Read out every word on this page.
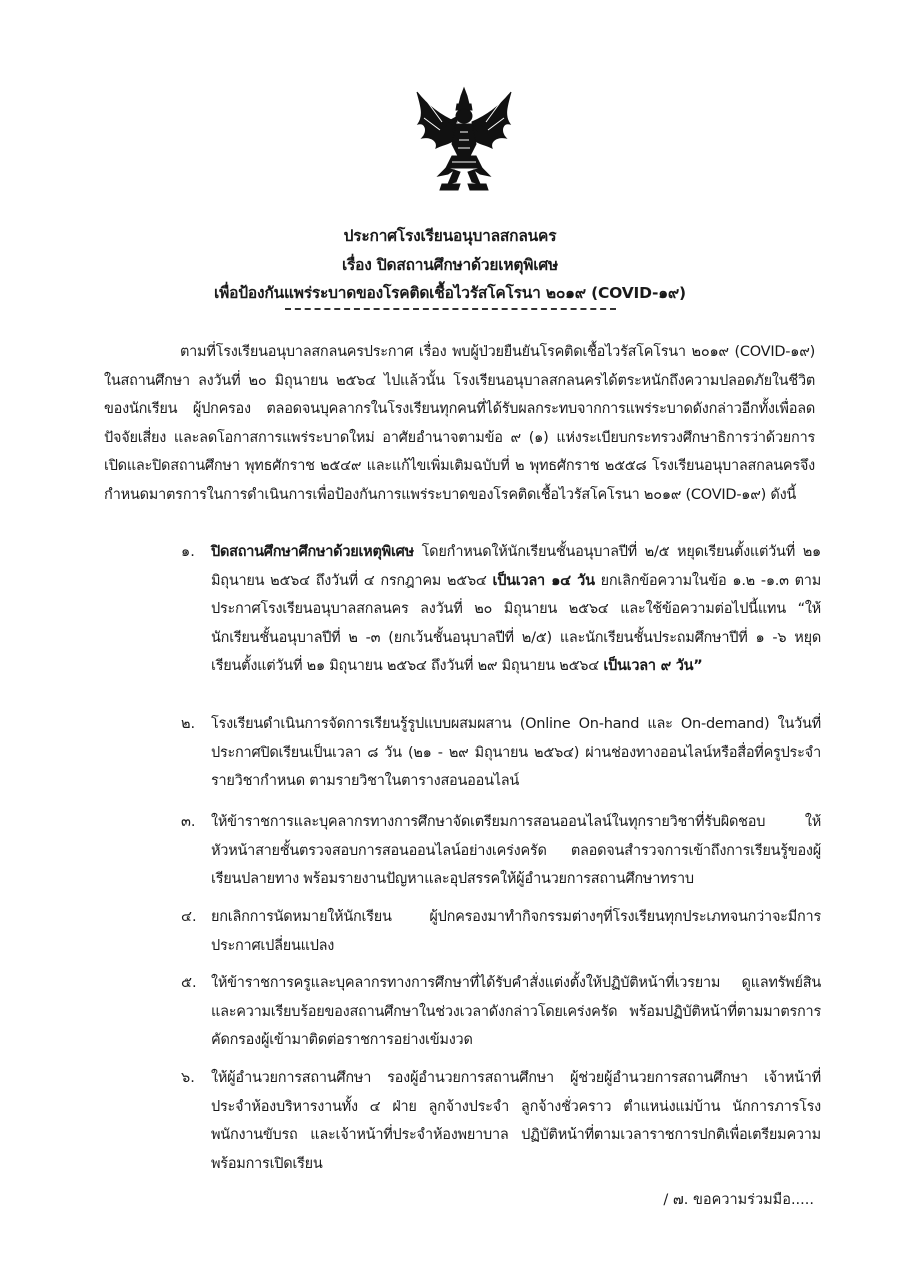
ประกาศโรงเรียนอนุบาลสกลนคร
เรื่อง ปิดสถานศึกษาด้วยเหตุพิเศษ
เพื่อป้องกันแพร่ระบาดของโรคติดเชื้อไวรัสโคโรนา ๒๐๑๙ (COVID-๑๙)
ตามที่โรงเรียนอนุบาลสกลนครประกาศ เรื่อง พบผู้ป่วยยืนยันโรคติดเชื้อไวรัสโคโรนา ๒๐๑๙ (COVID-๑๙) ในสถานศึกษา ลงวันที่ ๒๐ มิถุนายน ๒๕๖๔ ไปแล้วนั้น โรงเรียนอนุบาลสกลนครได้ตระหนักถึงความปลอดภัยในชีวิตของนักเรียน ผู้ปกครอง ตลอดจนบุคลากรในโรงเรียนทุกคนที่ได้รับผลกระทบจากการแพร่ระบาดดังกล่าวอีกทั้งเพื่อลดปัจจัยเสี่ยง และลดโอกาสการแพร่ระบาดใหม่ อาศัยอำนาจตามข้อ ๙ (๑) แห่งระเบียบกระทรวงศึกษาธิการว่าด้วยการเปิดและปิดสถานศึกษา พุทธศักราช ๒๕๔๙ และแก้ไขเพิ่มเติมฉบับที่ ๒ พุทธศักราช ๒๕๕๘ โรงเรียนอนุบาลสกลนครจึงกำหนดมาตรการในการดำเนินการเพื่อป้องกันการแพร่ระบาดของโรคติดเชื้อไวรัสโคโรนา ๒๐๑๙ (COVID-๑๙) ดังนี้
๑.	ปิดสถานศึกษาศึกษาด้วยเหตุพิเศษ โดยกำหนดให้นักเรียนชั้นอนุบาลปีที่ ๒/๕ หยุดเรียนตั้งแต่วันที่ ๒๑ มิถุนายน ๒๕๖๔ ถึงวันที่ ๔ กรกฎาคม ๒๕๖๔ เป็นเวลา ๑๔ วัน ยกเลิกข้อความในข้อ ๑.๒ -๑.๓ ตามประกาศโรงเรียนอนุบาลสกลนคร ลงวันที่ ๒๐ มิถุนายน ๒๕๖๔ และใช้ข้อความต่อไปนี้แทน “ให้นักเรียนชั้นอนุบาลปีที่ ๒ -๓ (ยกเว้นชั้นอนุบาลปีที่ ๒/๕) และนักเรียนชั้นประถมศึกษาปีที่ ๑ -๖ หยุดเรียนตั้งแต่วันที่ ๒๑ มิถุนายน ๒๕๖๔ ถึงวันที่ ๒๙ มิถุนายน ๒๕๖๔ เป็นเวลา ๙ วัน”
๒.	โรงเรียนดำเนินการจัดการเรียนรู้รูปแบบผสมผสาน (Online On-hand และ On-demand) ในวันที่ประกาศปิดเรียนเป็นเวลา ๘ วัน (๒๑ - ๒๙ มิถุนายน ๒๕๖๔) ผ่านช่องทางออนไลน์หรือสื่อที่ครูประจำรายวิชากำหนด ตามรายวิชาในตารางสอนออนไลน์
๓.	ให้ข้าราชการและบุคลากรทางการศึกษาจัดเตรียมการสอนออนไลน์ในทุกรายวิชาที่รับผิดชอบ ให้หัวหน้าสายชั้นตรวจสอบการสอนออนไลน์อย่างเคร่งครัด ตลอดจนสำรวจการเข้าถึงการเรียนรู้ของผู้เรียนปลายทาง พร้อมรายงานปัญหาและอุปสรรคให้ผู้อำนวยการสถานศึกษาทราบ
๔. ยกเลิกการนัดหมายให้นักเรียน ผู้ปกครองมาทำกิจกรรมต่างๆที่โรงเรียนทุกประเภทจนกว่าจะมีการประกาศเปลี่ยนแปลง
๕. ให้ข้าราชการครูและบุคลากรทางการศึกษาที่ได้รับคำสั่งแต่งตั้งให้ปฏิบัติหน้าที่เวรยาม ดูแลทรัพย์สินและความเรียบร้อยของสถานศึกษาในช่วงเวลาดังกล่าวโดยเคร่งครัด พร้อมปฏิบัติหน้าที่ตามมาตรการคัดกรองผู้เข้ามาติดต่อราชการอย่างเข้มงวด
๖.	ให้ผู้อำนวยการสถานศึกษา รองผู้อำนวยการสถานศึกษา ผู้ช่วยผู้อำนวยการสถานศึกษา เจ้าหน้าที่ประจำห้องบริหารงานทั้ง ๔ ฝ่าย ลูกจ้างประจำ ลูกจ้างชั่วคราว ตำแหน่งแม่บ้าน นักการภารโรง พนักงานขับรถ และเจ้าหน้าที่ประจำห้องพยาบาล ปฏิบัติหน้าที่ตามเวลาราชการปกติเพื่อเตรียมความพร้อมการเปิดเรียน
/ ๗. ขอความร่วมมือ.....
